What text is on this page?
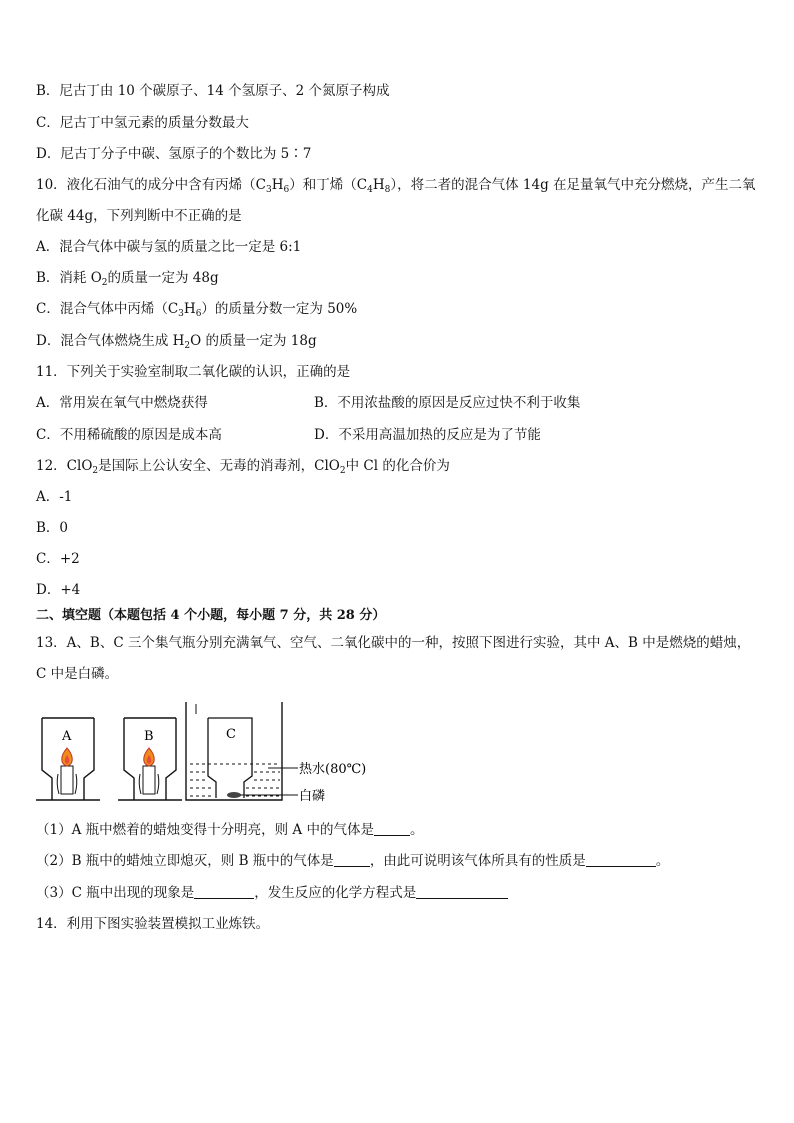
B．尼古丁由 10 个碳原子、14 个氢原子、2 个氮原子构成
C．尼古丁中氢元素的质量分数最大
D．尼古丁分子中碳、氢原子的个数比为 5∶7
10．液化石油气的成分中含有丙烯$(C_3H_6)$和丁烯$(C_4H_8)$，将二者的混合气体 14g 在足量氧气中充分燃烧，产生二氧
化碳 44g，下列判断中不正确的是
A．混合气体中碳与氢的质量之比一定是 6:1
B．消耗 $O_2$的质量一定为 48g
C．混合气体中丙烯$(C_3H_6)$的质量分数一定为 50%
D．混合气体燃烧生成 $H_2O$ 的质量一定为 18g
11．下列关于实验室制取二氧化碳的认识，正确的是
A．常用炭在氧气中燃烧获得	B．不用浓盐酸的原因是反应过快不利于收集
C．不用稀硫酸的原因是成本高	D．不采用高温加热的反应是为了节能
12．ClO$_2$是国际上公认安全、无毒的消毒剂，ClO$_2$中 Cl 的化合价为
A．-1
B．0
C．+2
D．+4
二、填空题（本题包括 4 个小题，每小题 7 分，共 28 分）
13．A、B、C 三个集气瓶分别充满氧气、空气、二氧化碳中的一种，按照下图进行实验，其中 A、B 中是燃烧的蜡烛，
C 中是白磷。
A	B	C
热水(80℃)
白磷
（1）A 瓶中燃着的蜡烛变得十分明亮，则 A 中的气体是	。
（2）B 瓶中的蜡烛立即熄灭，则 B 瓶中的气体是	，由此可说明该气体所具有的性质是	。
（3）C 瓶中出现的现象是	，发生反应的化学方程式是
14．利用下图实验装置模拟工业炼铁。
